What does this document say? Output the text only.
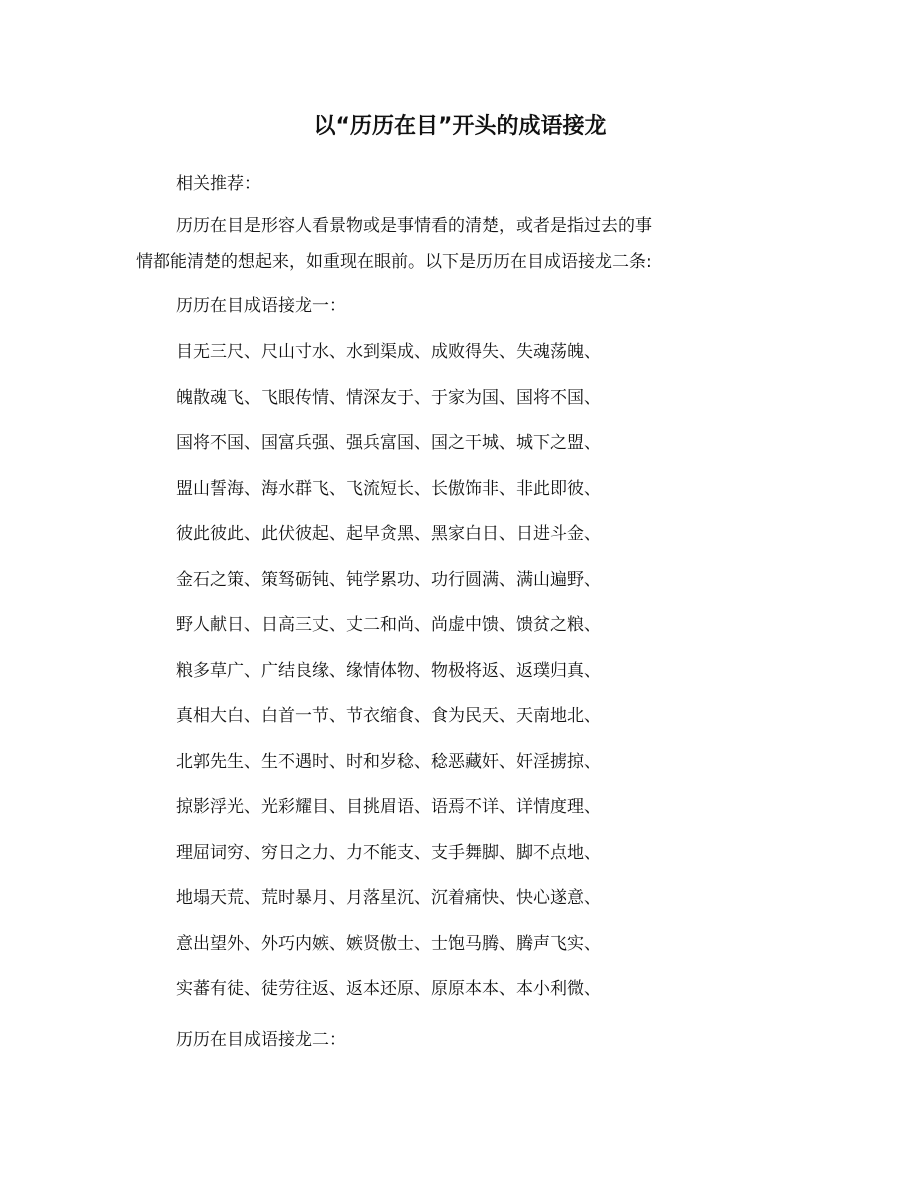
以“历历在目”开头的成语接龙
相关推荐：
历历在目是形容人看景物或是事情看的清楚，或者是指过去的事
情都能清楚的想起来，如重现在眼前。以下是历历在目成语接龙二条:
历历在目成语接龙一：
目无三尺、尺山寸水、水到渠成、成败得失、失魂荡魄、
魄散魂飞、飞眼传情、情深友于、于家为国、国将不国、
国将不国、国富兵强、强兵富国、国之干城、城下之盟、
盟山誓海、海水群飞、飞流短长、长傲饰非、非此即彼、
彼此彼此、此伏彼起、起早贪黑、黑家白日、日进斗金、
金石之策、策驽砺钝、钝学累功、功行圆满、满山遍野、
野人献日、日高三丈、丈二和尚、尚虚中馈、馈贫之粮、
粮多草广、广结良缘、缘情体物、物极将返、返璞归真、
真相大白、白首一节、节衣缩食、食为民天、天南地北、
北郭先生、生不遇时、时和岁稔、稔恶藏奸、奸淫掳掠、
掠影浮光、光彩耀目、目挑眉语、语焉不详、详情度理、
理屈词穷、穷日之力、力不能支、支手舞脚、脚不点地、
地塌天荒、荒时暴月、月落星沉、沉着痛快、快心遂意、
意出望外、外巧内嫉、嫉贤傲士、士饱马腾、腾声飞实、
实蕃有徒、徒劳往返、返本还原、原原本本、本小利微、
历历在目成语接龙二：
